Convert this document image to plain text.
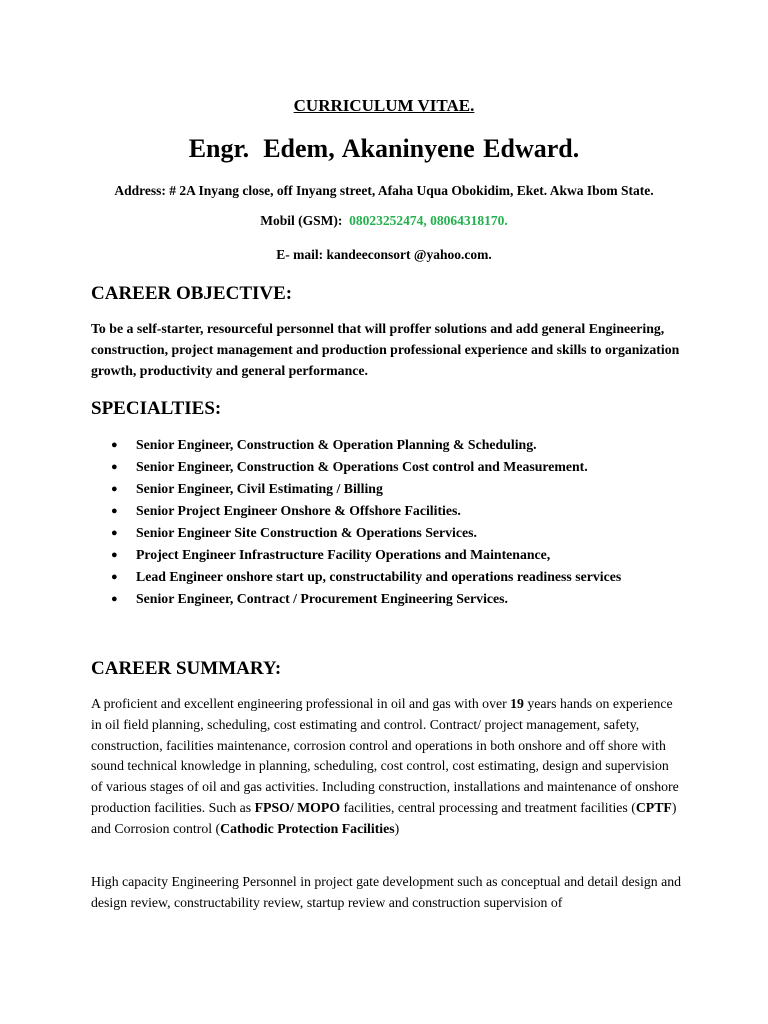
CURRICULUM VITAE.
Engr. Edem, Akaninyene Edward.
Address: # 2A Inyang close, off Inyang street, Afaha Uqua Obokidim, Eket. Akwa Ibom State.
Mobil (GSM): 08023252474, 08064318170.
E- mail: kandeeconsort @yahoo.com.
CAREER OBJECTIVE:
To be a self-starter, resourceful personnel that will proffer solutions and add general Engineering, construction, project management and production professional experience and skills to organization growth, productivity and general performance.
SPECIALTIES:
● Senior Engineer, Construction & Operation Planning & Scheduling.
● Senior Engineer, Construction & Operations Cost control and Measurement.
● Senior Engineer, Civil Estimating / Billing
● Senior Project Engineer Onshore & Offshore Facilities.
● Senior Engineer Site Construction & Operations Services.
● Project Engineer Infrastructure Facility Operations and Maintenance,
● Lead Engineer onshore start up, constructability and operations readiness services
● Senior Engineer, Contract / Procurement Engineering Services.
CAREER SUMMARY:
A proficient and excellent engineering professional in oil and gas with over 19 years hands on experience in oil field planning, scheduling, cost estimating and control. Contract/ project management, safety, construction, facilities maintenance, corrosion control and operations in both onshore and off shore with sound technical knowledge in planning, scheduling, cost control, cost estimating, design and supervision of various stages of oil and gas activities. Including construction, installations and maintenance of onshore production facilities. Such as FPSO/ MOPO facilities, central processing and treatment facilities (CPTF) and Corrosion control (Cathodic Protection Facilities)
High capacity Engineering Personnel in project gate development such as conceptual and detail design and design review, constructability review, startup review and construction supervision of
